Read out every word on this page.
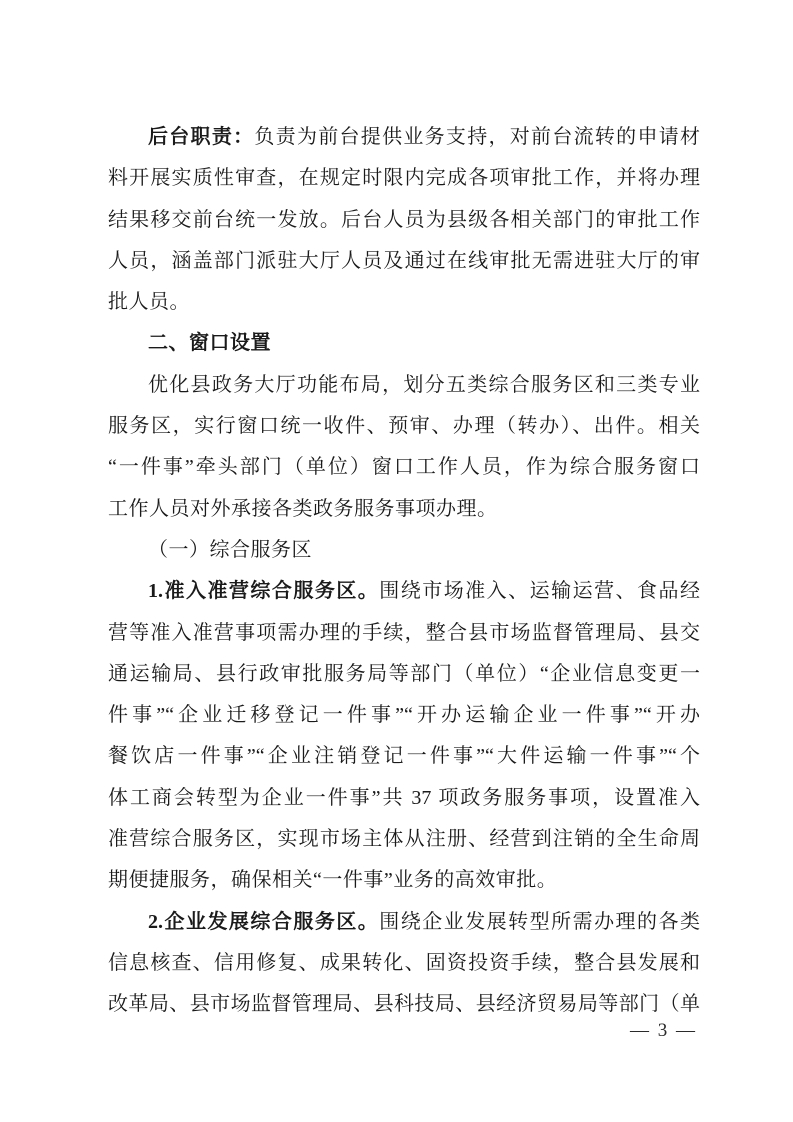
后台职责：负责为前台提供业务支持，对前台流转的申请材
料开展实质性审查，在规定时限内完成各项审批工作，并将办理
结果移交前台统一发放。后台人员为县级各相关部门的审批工作
人员，涵盖部门派驻大厅人员及通过在线审批无需进驻大厅的审
批人员。
二、窗口设置
优化县政务大厅功能布局，划分五类综合服务区和三类专业
服务区，实行窗口统一收件、预审、办理（转办）、出件。相关
“一件事”牵头部门（单位）窗口工作人员，作为综合服务窗口
工作人员对外承接各类政务服务事项办理。
（一）综合服务区
1.准入准营综合服务区。围绕市场准入、运输运营、食品经
营等准入准营事项需办理的手续，整合县市场监督管理局、县交
通运输局、县行政审批服务局等部门（单位）“企业信息变更一
件事”“企业迁移登记一件事”“开办运输企业一件事”“开办
餐饮店一件事”“企业注销登记一件事”“大件运输一件事”“个
体工商会转型为企业一件事”共 37 项政务服务事项，设置准入
准营综合服务区，实现市场主体从注册、经营到注销的全生命周
期便捷服务，确保相关“一件事”业务的高效审批。
2.企业发展综合服务区。围绕企业发展转型所需办理的各类
信息核查、信用修复、成果转化、固资投资手续，整合县发展和
改革局、县市场监督管理局、县科技局、县经济贸易局等部门（单
— 3 —
